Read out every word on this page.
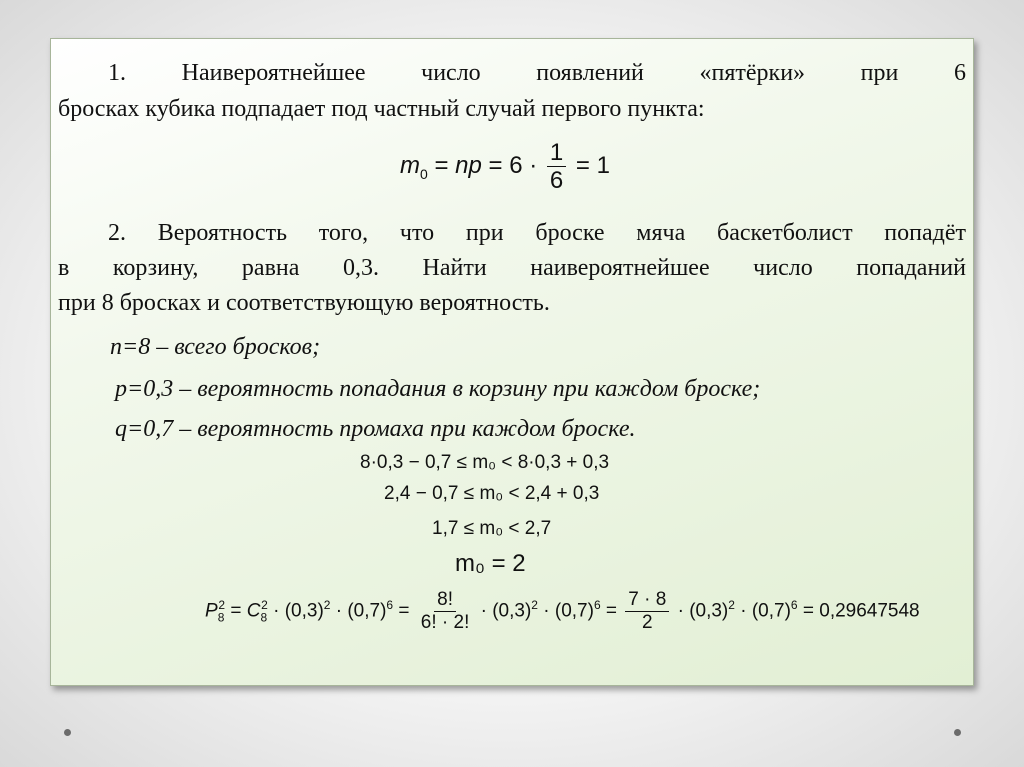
1. Наивероятнейшее число появлений «пятёрки» при 6
бросках кубика подпадает под частный случай первого пункта:
$m_0$ = np = $6 \cdot \frac{1}{6} = 1$
2. Вероятность того, что при броске мяча баскетболист попадёт
в корзину, равна 0,3. Найти наивероятнейшее число попаданий
при 8 бросках и соответствующую вероятность.
n=8 – всего бросков;
p=0,3 – вероятность попадания в корзину при каждом броске;
q=0,7 – вероятность промаха при каждом броске.
8·0,3 − 0,7 ≤ m₀ < 8·0,3 + 0,3
2,4 − 0,7 ≤ m₀ < 2,4 + 0,3
1,7 ≤ m₀ < 2,7
m₀ = 2
$P_8^2 = C_8^2 \cdot (0,3)^2 \cdot (0,7)^6 = \frac{8!}{6! \cdot 2!} \cdot (0,3)^2 \cdot (0,7)^6 = \frac{7 \cdot 8}{2} \cdot (0,3)^2 \cdot (0,7)^6 = 0,29647548$
